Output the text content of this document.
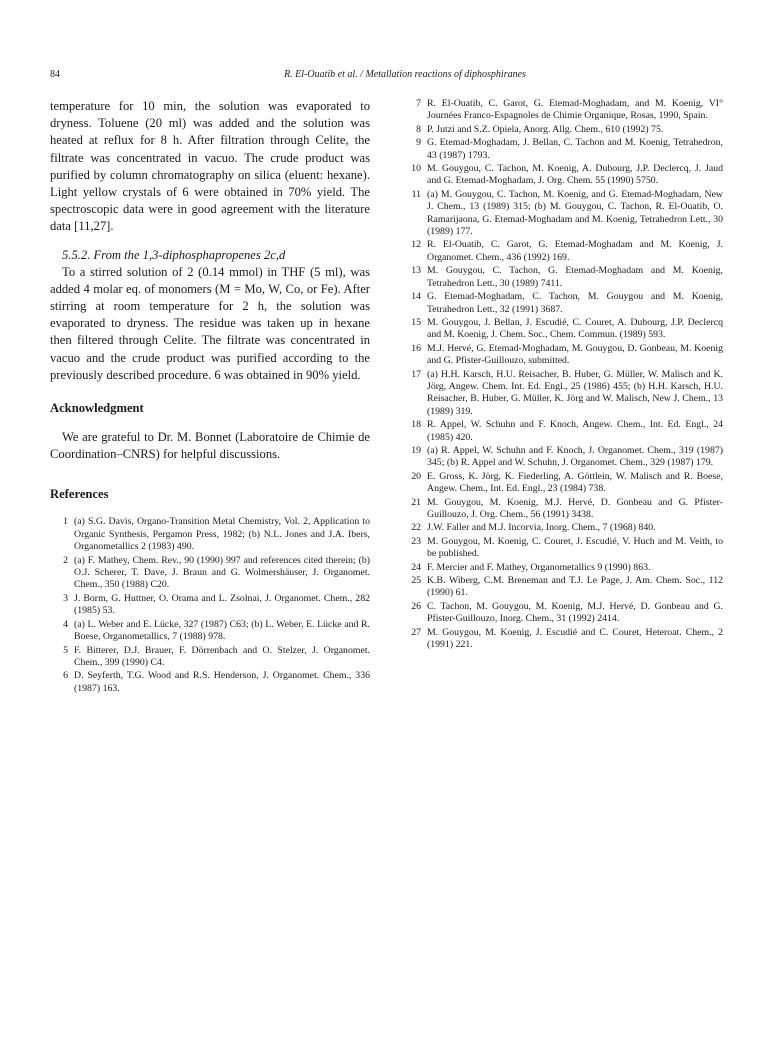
84	R. El-Ouatib et al. / Metallation reactions of diphosphiranes

temperature for 10 min, the solution was evaporated to dryness. Toluene (20 ml) was added and the solution was heated at reflux for 8 h. After filtration through Celite, the filtrate was concentrated in vacuo. The crude product was purified by column chromatography on silica (eluent: hexane). Light yellow crystals of 6 were obtained in 70% yield. The spectroscopic data were in good agreement with the literature data [11,27].

5.5.2. From the 1,3-diphosphapropenes 2c,d

To a stirred solution of 2 (0.14 mmol) in THF (5 ml), was added 4 molar eq. of monomers (M = Mo, W, Co, or Fe). After stirring at room temperature for 2 h, the solution was evaporated to dryness. The residue was taken up in hexane then filtered through Celite. The filtrate was concentrated in vacuo and the crude product was purified according to the previously described procedure. 6 was obtained in 90% yield.

Acknowledgment

We are grateful to Dr. M. Bonnet (Laboratoire de Chimie de Coordination–CNRS) for helpful discussions.

References

1 (a) S.G. Davis, Organo-Transition Metal Chemistry, Vol. 2, Application to Organic Synthesis, Pergamon Press, 1982; (b) N.L. Jones and J.A. Ibers, Organometallics 2 (1983) 490.
2 (a) F. Mathey, Chem. Rev., 90 (1990) 997 and references cited therein; (b) O.J. Scherer, T. Dave, J. Braun and G. Wolmershäuser, J. Organomet. Chem., 350 (1988) C20.
3 J. Borm, G. Huttner, O. Orama and L. Zsolnai, J. Organomet. Chem., 282 (1985) 53.
4 (a) L. Weber and E. Lücke, 327 (1987) C63; (b) L. Weber, E. Lücke and R. Boese, Organometallics, 7 (1988) 978.
5 F. Bitterer, D.J. Brauer, F. Dörrenbach and O. Stelzer, J. Organomet. Chem., 399 (1990) C4.
6 D. Seyferth, T.G. Wood and R.S. Henderson, J. Organomet. Chem., 336 (1987) 163.
7 R. El-Ouatib, C. Garot, G. Etemad-Moghadam, and M. Koenig, VI° Journées Franco-Espagnoles de Chimie Organique, Rosas, 1990, Spain.
8 P. Jutzi and S.Z. Opiela, Anorg. Allg. Chem., 610 (1992) 75.
9 G. Etemad-Moghadam, J. Bellan, C. Tachon and M. Koenig, Tetrahedron, 43 (1987) 1793.
10 M. Gouygou, C. Tachon, M. Koenig, A. Dubourg, J.P. Declercq, J. Jaud and G. Etemad-Moghadam, J. Org. Chem. 55 (1990) 5750.
11 (a) M. Gouygou, C. Tachon, M. Koenig, and G. Etemad-Moghadam, New J. Chem., 13 (1989) 315; (b) M. Gouygou, C. Tachon, R. El-Ouatib, O. Ramarijaona, G. Etemad-Moghadam and M. Koenig, Tetrahedron Lett., 30 (1989) 177.
12 R. El-Ouatib, C. Garot, G. Etemad-Moghadam and M. Koenig, J. Organomet. Chem., 436 (1992) 169.
13 M. Gouygou, C. Tachon, G. Etemad-Moghadam and M. Koenig, Tetrahedron Lett., 30 (1989) 7411.
14 G. Etemad-Moghadam, C. Tachon, M. Gouygou and M. Koenig, Tetrahedron Lett., 32 (1991) 3687.
15 M. Gouygou, J. Bellan, J. Escudié, C. Couret, A. Dubourg, J.P. Declercq and M. Koenig, J. Chem. Soc., Chem. Commun. (1989) 593.
16 M.J. Hervé, G. Etemad-Moghadam, M. Gouygou, D. Gonbeau, M. Koenig and G. Pfister-Guillouzo, submitted.
17 (a) H.H. Karsch, H.U. Reisacher, B. Huber, G. Müller, W. Malisch and K. Jörg, Angew. Chem. Int. Ed. Engl., 25 (1986) 455; (b) H.H. Karsch, H.U. Reisacher, B. Huber, G. Müller, K. Jörg and W. Malisch, New J. Chem., 13 (1989) 319.
18 R. Appel, W. Schuhn and F. Knoch, Angew. Chem., Int. Ed. Engl., 24 (1985) 420.
19 (a) R. Appel, W. Schuhn and F. Knoch, J. Organomet. Chem., 319 (1987) 345; (b) R. Appel and W. Schuhn, J. Organomet. Chem., 329 (1987) 179.
20 E. Gross, K. Jörg, K. Fiederling, A. Göttlein, W. Malisch and R. Boese, Angew. Chem., Int. Ed. Engl., 23 (1984) 738.
21 M. Gouygou, M. Koenig, M.J. Hervé, D. Gonbeau and G. Pfister-Guillouzo, J. Org. Chem., 56 (1991) 3438.
22 J.W. Faller and M.J. Incorvia, Inorg. Chem., 7 (1968) 840.
23 M. Gouygou, M. Koenig, C. Couret, J. Escudié, V. Huch and M. Veith, to be published.
24 F. Mercier and F. Mathey, Organometallics 9 (1990) 863.
25 K.B. Wiberg, C.M. Breneman and T.J. Le Page, J. Am. Chem. Soc., 112 (1990) 61.
26 C. Tachon, M. Gouygou, M. Koenig, M.J. Hervé, D. Gonbeau and G. Pfister-Guillouzo, Inorg. Chem., 31 (1992) 2414.
27 M. Gouygou, M. Koenig, J. Escudié and C. Couret, Heteroat. Chem., 2 (1991) 221.
